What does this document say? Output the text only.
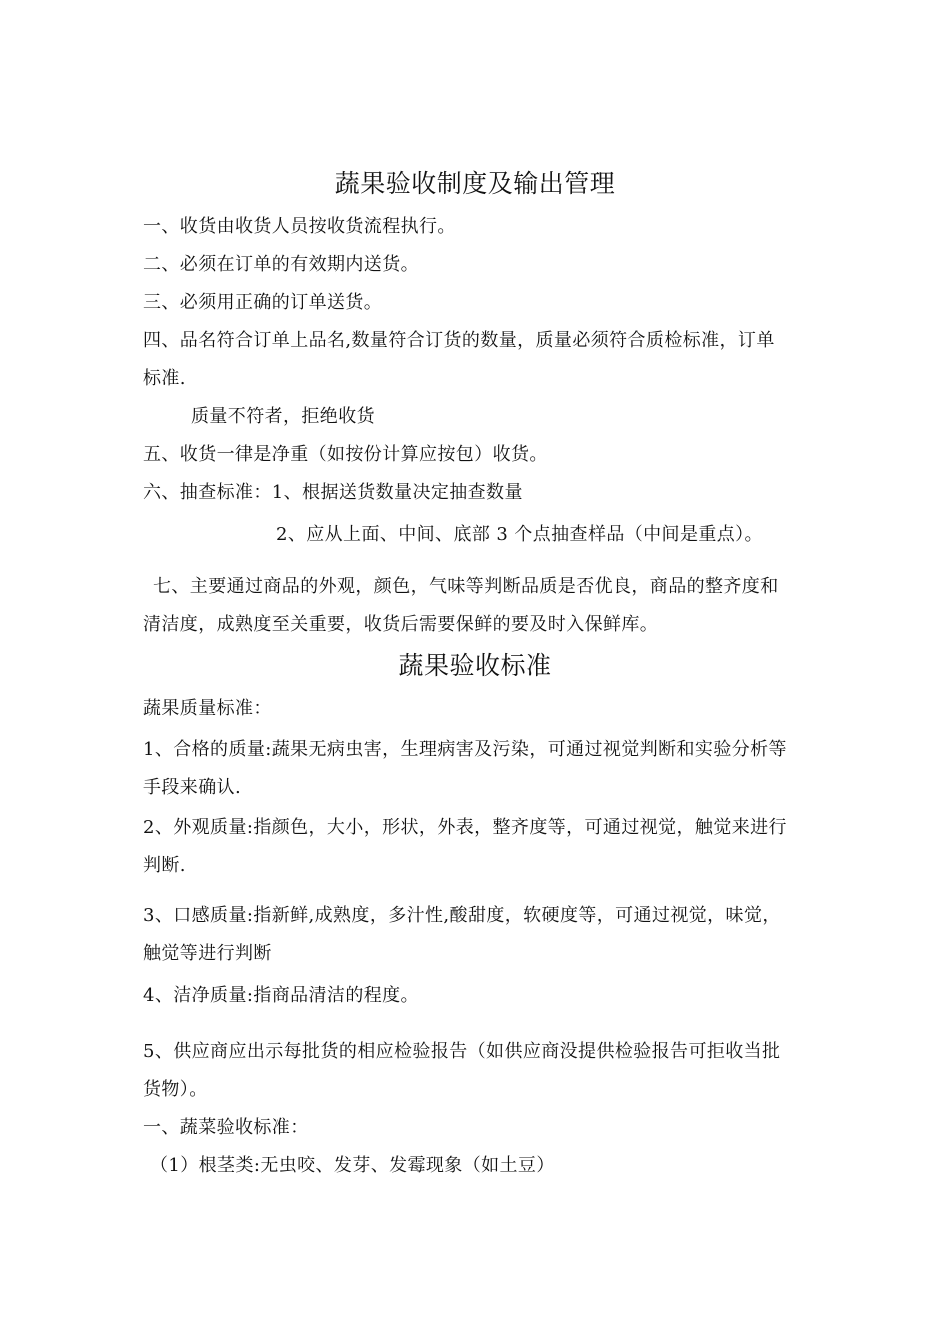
蔬果验收制度及输出管理
一、收货由收货人员按收货流程执行。
二、必须在订单的有效期内送货。
三、必须用正确的订单送货。
四、品名符合订单上品名,数量符合订货的数量，质量必须符合质检标准，订单
标准.
质量不符者，拒绝收货
五、收货一律是净重（如按份计算应按包）收货。
六、抽查标准：1、根据送货数量决定抽查数量
2、应从上面、中间、底部 3 个点抽查样品（中间是重点）。
七、主要通过商品的外观，颜色，气味等判断品质是否优良，商品的整齐度和
清洁度，成熟度至关重要，收货后需要保鲜的要及时入保鲜库。
蔬果验收标准
蔬果质量标准：
1、合格的质量:蔬果无病虫害，生理病害及污染，可通过视觉判断和实验分析等
手段来确认.
2、外观质量:指颜色，大小，形状，外表，整齐度等，可通过视觉，触觉来进行
判断.
3、口感质量:指新鲜,成熟度，多汁性,酸甜度，软硬度等，可通过视觉，味觉，
触觉等进行判断
4、洁净质量:指商品清洁的程度。
5、供应商应出示每批货的相应检验报告（如供应商没提供检验报告可拒收当批
货物）。
一、蔬菜验收标准：
（1）根茎类:无虫咬、发芽、发霉现象（如土豆）
